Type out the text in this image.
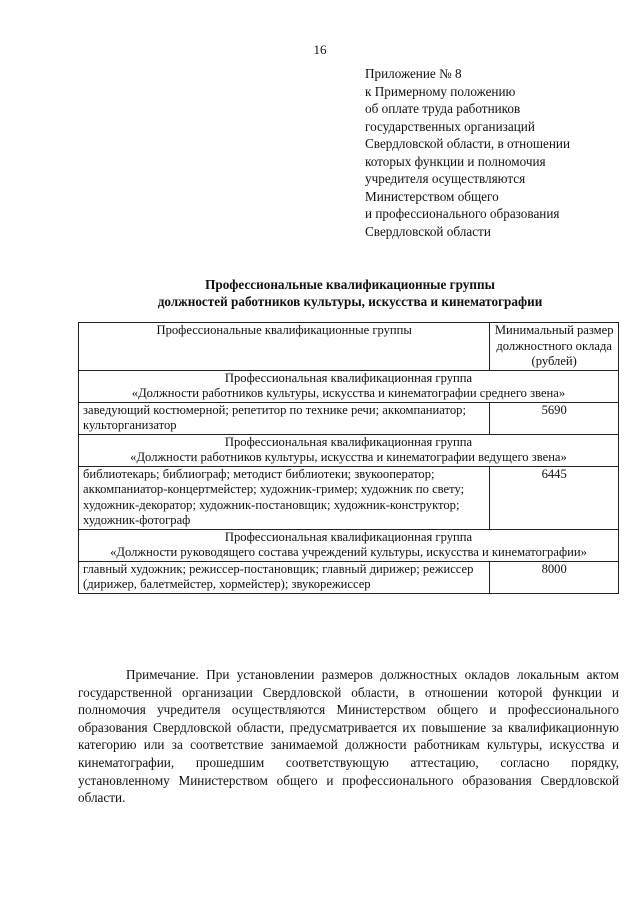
16
Приложение № 8
к Примерному положению
об оплате труда работников
государственных организаций
Свердловской области, в отношении
которых функции и полномочия
учредителя осуществляются
Министерством общего
и профессионального образования
Свердловской области
Профессиональные квалификационные группы
должностей работников культуры, искусства и кинематографии
Профессиональные квалификационные группы	Минимальный размер должностного оклада (рублей)

Профессиональная квалификационная группа
«Должности работников культуры, искусства и кинематографии среднего звена»	

заведующий костюмерной; репетитор по технике речи; аккомпаниатор; культорганизатор	5690

Профессиональная квалификационная группа
«Должности работников культуры, искусства и кинематографии ведущего звена»	

библиотекарь; библиограф; методист библиотеки; звукооператор; аккомпаниатор-концертмейстер; художник-гример; художник по свету; художник-декоратор; художник-постановщик; художник-конструктор; художник-фотограф	6445

Профессиональная квалификационная группа
«Должности руководящего состава учреждений культуры, искусства и кинематографии»	

главный художник; режиссер-постановщик; главный дирижер; режиссер (дирижер, балетмейстер, хормейстер); звукорежиссер	8000

Примечание. При установлении размеров должностных окладов локальным актом государственной организации Свердловской области, в отношении которой функции и полномочия учредителя осуществляются Министерством общего и профессионального образования Свердловской области, предусматривается их повышение за квалификационную категорию или за соответствие занимаемой должности работникам культуры, искусства и кинематографии, прошедшим соответствующую аттестацию, согласно порядку, установленному Министерством общего и профессионального образования Свердловской области.
